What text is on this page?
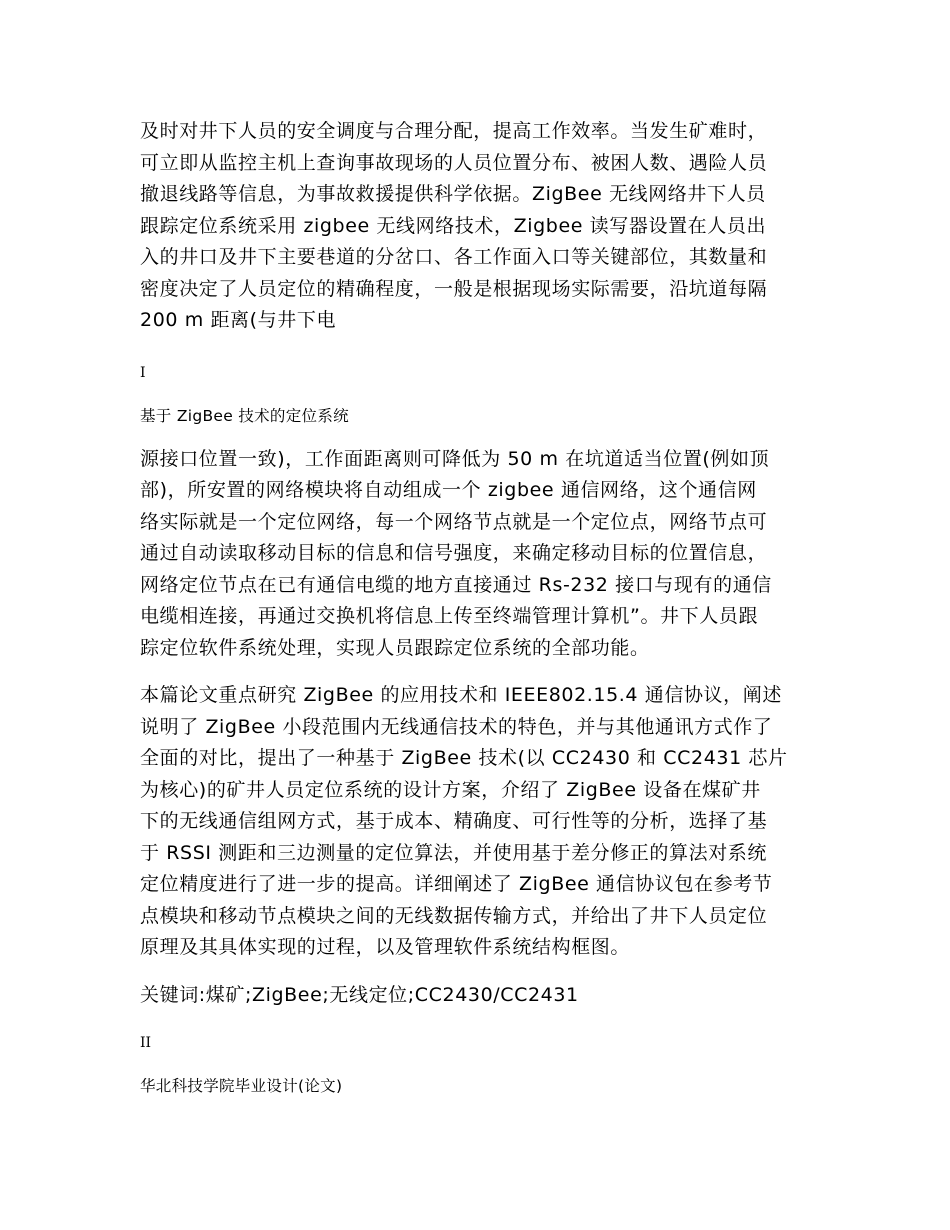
及时对井下人员的安全调度与合理分配，提高工作效率。当发生矿难时，
可立即从监控主机上查询事故现场的人员位置分布、被困人数、遇险人员
撤退线路等信息，为事故救援提供科学依据。ZigBee 无线网络井下人员
跟踪定位系统采用 zigbee 无线网络技术，Zigbee 读写器设置在人员出
入的井口及井下主要巷道的分岔口、各工作面入口等关键部位，其数量和
密度决定了人员定位的精确程度，一般是根据现场实际需要，沿坑道每隔
200 m 距离(与井下电

I

基于 ZigBee 技术的定位系统

源接口位置一致)，工作面距离则可降低为 50 m 在坑道适当位置(例如顶
部)，所安置的网络模块将自动组成一个 zigbee 通信网络，这个通信网
络实际就是一个定位网络，每一个网络节点就是一个定位点，网络节点可
通过自动读取移动目标的信息和信号强度，来确定移动目标的位置信息，
网络定位节点在已有通信电缆的地方直接通过 Rs-232 接口与现有的通信
电缆相连接，再通过交换机将信息上传至终端管理计算机”。井下人员跟
踪定位软件系统处理，实现人员跟踪定位系统的全部功能。

本篇论文重点研究 ZigBee 的应用技术和 IEEE802.15.4 通信协议，阐述
说明了 ZigBee 小段范围内无线通信技术的特色，并与其他通讯方式作了
全面的对比，提出了一种基于 ZigBee 技术(以 CC2430 和 CC2431 芯片
为核心)的矿井人员定位系统的设计方案，介绍了 ZigBee 设备在煤矿井
下的无线通信组网方式，基于成本、精确度、可行性等的分析，选择了基
于 RSSI 测距和三边测量的定位算法，并使用基于差分修正的算法对系统
定位精度进行了进一步的提高。详细阐述了 ZigBee 通信协议包在参考节
点模块和移动节点模块之间的无线数据传输方式，并给出了井下人员定位
原理及其具体实现的过程，以及管理软件系统结构框图。

关键词:煤矿;ZigBee;无线定位;CC2430/CC2431

II

华北科技学院毕业设计(论文)
